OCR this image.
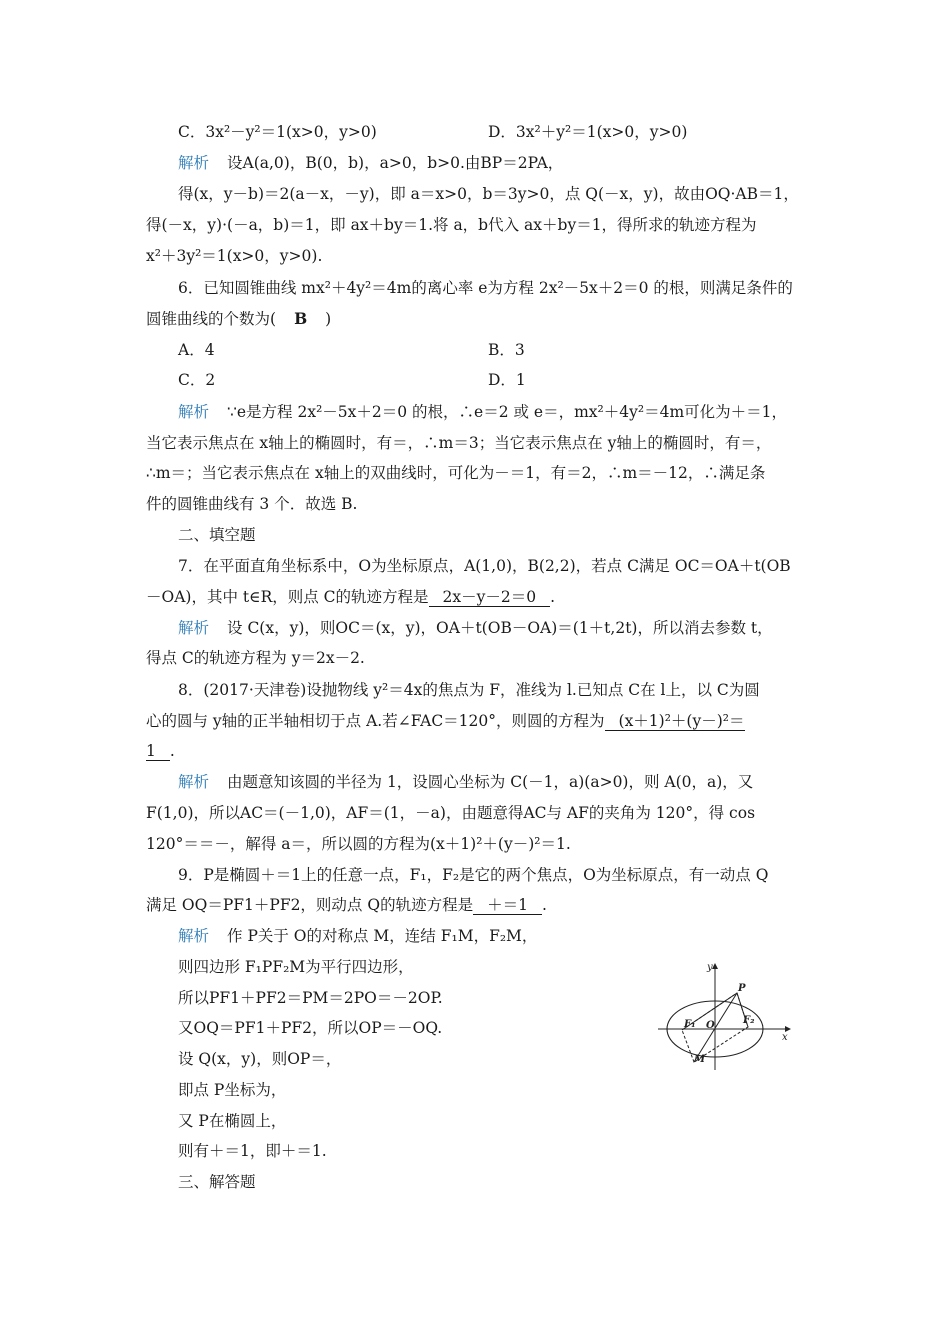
C．3x²－y²＝1(x>0，y>0)	D．3x²＋y²＝1(x>0，y>0)
解析 设A(a,0)，B(0，b)，a>0，b>0.由BP＝2PA，
得(x，y－b)＝2(a－x，－y)，即 a＝x>0，b＝3y>0，点 Q(－x，y)，故由OQ·AB＝1，
得(－x，y)·(－a，b)＝1，即 ax＋by＝1.将 a，b代入 ax＋by＝1，得所求的轨迹方程为
x²＋3y²＝1(x>0，y>0).
6．已知圆锥曲线 mx²＋4y²＝4m的离心率 e为方程 2x²－5x＋2＝0 的根，则满足条件的
圆锥曲线的个数为( B )
A．4	B．3
C．2	D．1
解析 ∵e是方程 2x²－5x＋2＝0 的根，∴e＝2 或 e＝，mx²＋4y²＝4m可化为＋＝1，
当它表示焦点在 x轴上的椭圆时，有＝，∴m＝3；当它表示焦点在 y轴上的椭圆时，有＝，
∴m＝；当它表示焦点在 x轴上的双曲线时，可化为－＝1，有＝2，∴m＝－12，∴满足条
件的圆锥曲线有 3 个．故选 B.
二、填空题
7．在平面直角坐标系中，O为坐标原点，A(1,0)，B(2,2)，若点 C满足 OC＝OA＋t(OB
－OA)，其中 t∈R，则点 C的轨迹方程是 2x－y－2＝0 .
解析 设 C(x，y)，则OC＝(x，y)，OA＋t(OB－OA)＝(1＋t,2t)，所以消去参数 t，
得点 C的轨迹方程为 y＝2x－2.
8．(2017·天津卷)设抛物线 y²＝4x的焦点为 F，准线为 l.已知点 C在 l上，以 C为圆
心的圆与 y轴的正半轴相切于点 A.若∠FAC＝120°，则圆的方程为 (x＋1)²＋(y－)²＝
1 .
解析 由题意知该圆的半径为 1，设圆心坐标为 C(－1，a)(a>0)，则 A(0，a)，又
F(1,0)，所以AC＝(－1,0)，AF＝(1，－a)，由题意得AC与 AF的夹角为 120°，得 cos
120°＝＝－，解得 a＝，所以圆的方程为(x＋1)²＋(y－)²＝1.
9．P是椭圆＋＝1上的任意一点，F₁，F₂是它的两个焦点，O为坐标原点，有一动点 Q
满足 OQ＝PF1＋PF2，则动点 Q的轨迹方程是 ＋＝1 .
解析 作 P关于 O的对称点 M，连结 F₁M，F₂M，
则四边形 F₁PF₂M为平行四边形，
所以PF1＋PF2＝PM＝2PO＝－2OP.
又OQ＝PF1＋PF2，所以OP＝－OQ.
设 Q(x，y)，则OP＝，
即点 P坐标为，
又 P在椭圆上，
则有＋＝1，即＋＝1.
三、解答题
y
x
P
F₁ O	F₂
M
